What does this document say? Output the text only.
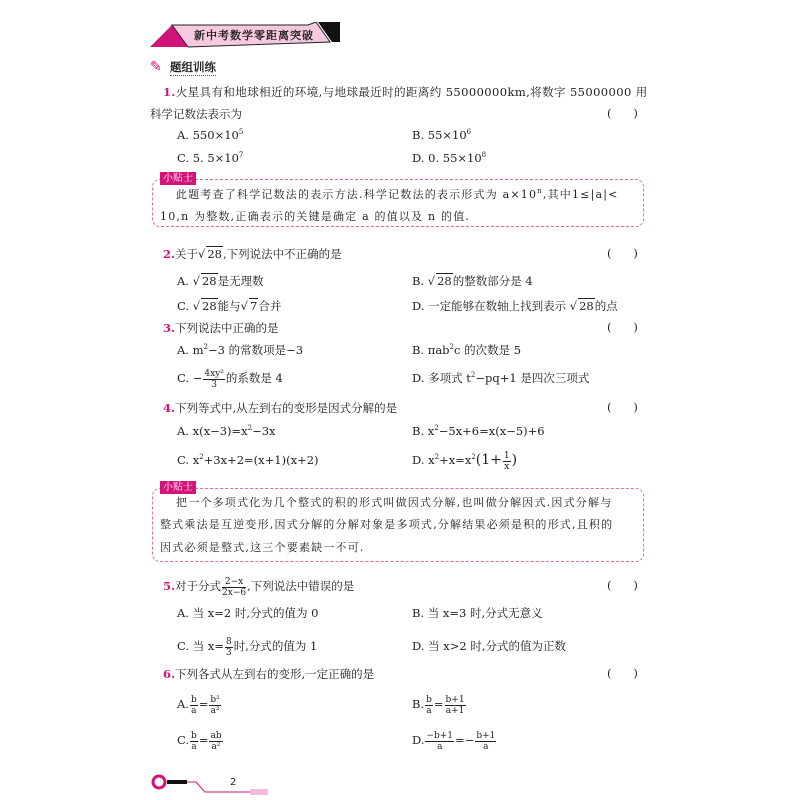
新中考数学零距离突破
✎ 题组训练
1.火星具有和地球相近的环境,与地球最近时的距离约 55000000km,将数字 55000000 用
科学记数法表示为	(      )
A. $550\times 10^5$	B. $55\times 10^6$
C. 5. $5\times 10^7$	D. 0. $55\times 10^8$
小贴士
此题考查了科学记数法的表示方法.科学记数法的表示形式为 $a\times 10^n$,其中1≤|a|<
10,n 为整数,正确表示的关键是确定 a 的值以及 n 的值.
2.关于√ 28,下列说法中不正确的是	(      )
A. √ 28是无理数	B. √ 28的整数部分是 4
C. √ 28能与√ 7合并	D. 一定能够在数轴上找到表示 √ 28的点
3.下列说法中正确的是	(      )
A. $m^2-3$ 的常数项是−3	B. πab$^2$c 的次数是 5
C. − $\frac{\text{4xy²}}{3}$ 的系数是 4	D. 多项式 $t^2-pq+1$ 是四次三项式
4.下列等式中,从左到右的变形是因式分解的是	(      )
A. $x(x-3)=x^2-3x$	B. $x^2-5x+6=x(x-5)+6$
C. $x^2+3x+2=(x+1)(x+2)$	D. $x^2+x=x^2(1+ \frac{1}{x}$ )
小贴士
把一个多项式化为几个整式的积的形式叫做因式分解,也叫做分解因式.因式分解与
整式乘法是互逆变形,因式分解的分解对象是多项式,分解结果必须是积的形式,且积的
因式必须是整式,这三个要素缺一不可.
5.对于分式 $\frac{2-x}{2x-6}$ ,下列说法中错误的是	(      )
A. 当 x=2 时,分式的值为 0	B. 当 x=3 时,分式无意义
C. 当 $x= \frac{8}{3}$ 时,分式的值为 1	D. 当 x>2 时,分式的值为正数
6.下列各式从左到右的变形,一定正确的是	(      )
A. $\frac{b}{a} = \frac{\text{b²}}{\text{a²}}$	B. $\frac{b}{a} = \frac{b+1}{a+1}$
C. $\frac{b}{a} = \frac{ab}{\text{a²}}$	D. $\frac{-b+1}{a} =- \frac{b+1}{a}$
2
